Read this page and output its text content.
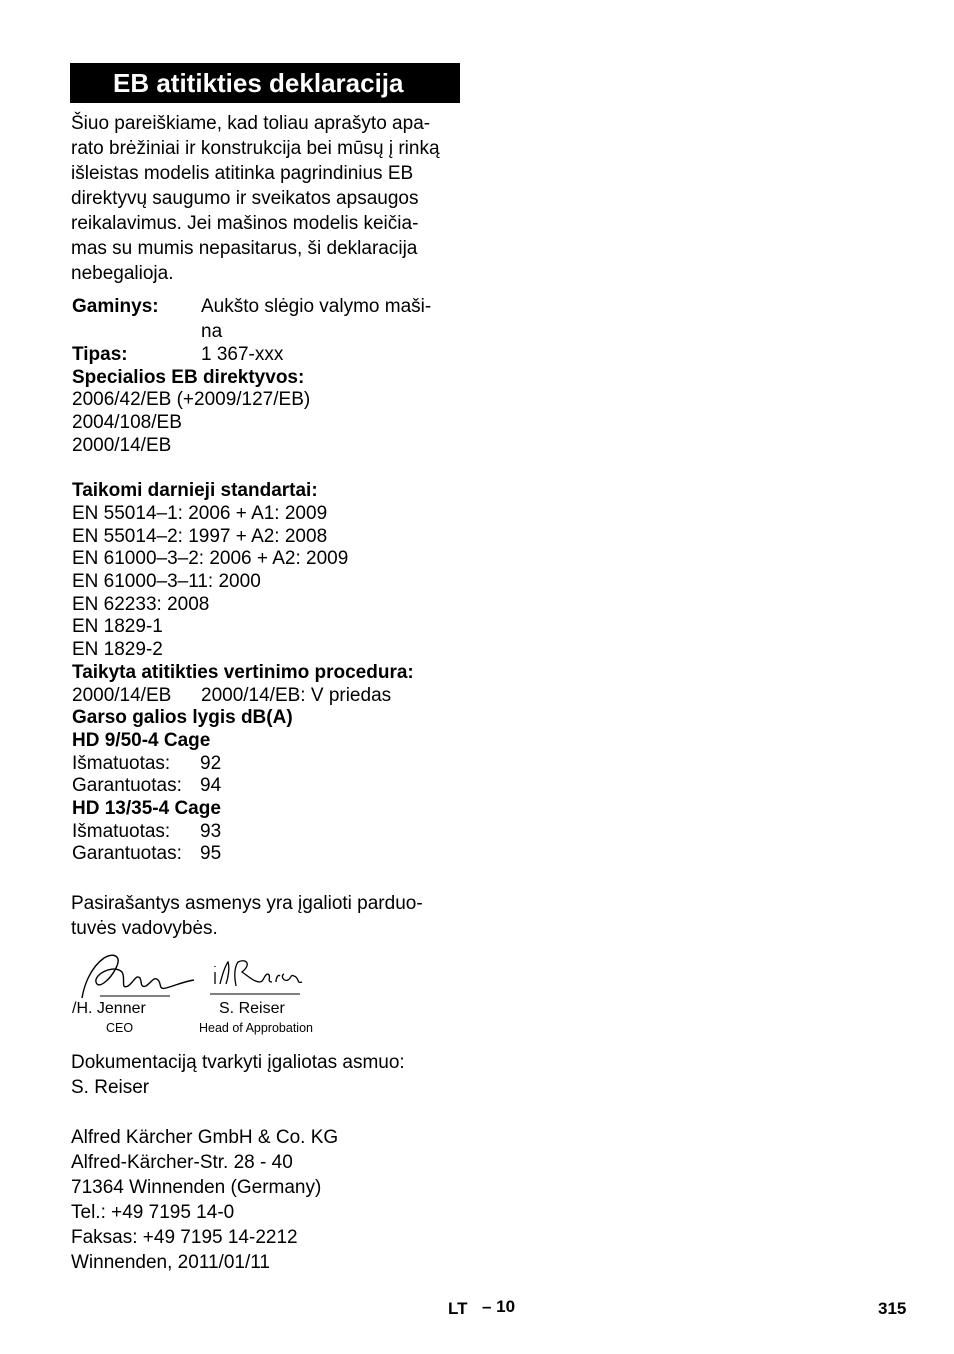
EB atitikties deklaracija
Šiuo pareiškiame, kad toliau aprašyto apa-
rato brėžiniai ir konstrukcija bei mūsų į rinką
išleistas modelis atitinka pagrindinius EB
direktyvų saugumo ir sveikatos apsaugos
reikalavimus. Jei mašinos modelis keičia-
mas su mumis nepasitarus, ši deklaracija
nebegalioja.
Gaminys:	Aukšto slėgio valymo maši-
na
Tipas:	1 367-xxx
Specialios EB direktyvos:
2006/42/EB (+2009/127/EB)
2004/108/EB
2000/14/EB
Taikomi darnieji standartai:
EN 55014–1: 2006 + A1: 2009
EN 55014–2: 1997 + A2: 2008
EN 61000–3–2: 2006 + A2: 2009
EN 61000–3–11: 2000
EN 62233: 2008
EN 1829-1
EN 1829-2
Taikyta atitikties vertinimo procedura:
2000/14/EB	2000/14/EB: V priedas
Garso galios lygis dB(A)
HD 9/50-4 Cage
Išmatuotas:	92
Garantuotas: 94
HD 13/35-4 Cage
Išmatuotas:	93
Garantuotas: 95
Pasirašantys asmenys yra įgalioti parduo-
tuvės vadovybės.
/H. Jenner
CEO
S. Reiser
Head of Approbation
Dokumentaciją tvarkyti įgaliotas asmuo:
S. Reiser
Alfred Kärcher GmbH & Co. KG
Alfred-Kärcher-Str. 28 - 40
71364 Winnenden (Germany)
Tel.: +49 7195 14-0
Faksas: +49 7195 14-2212
Winnenden, 2011/01/11
LT – 10	315
